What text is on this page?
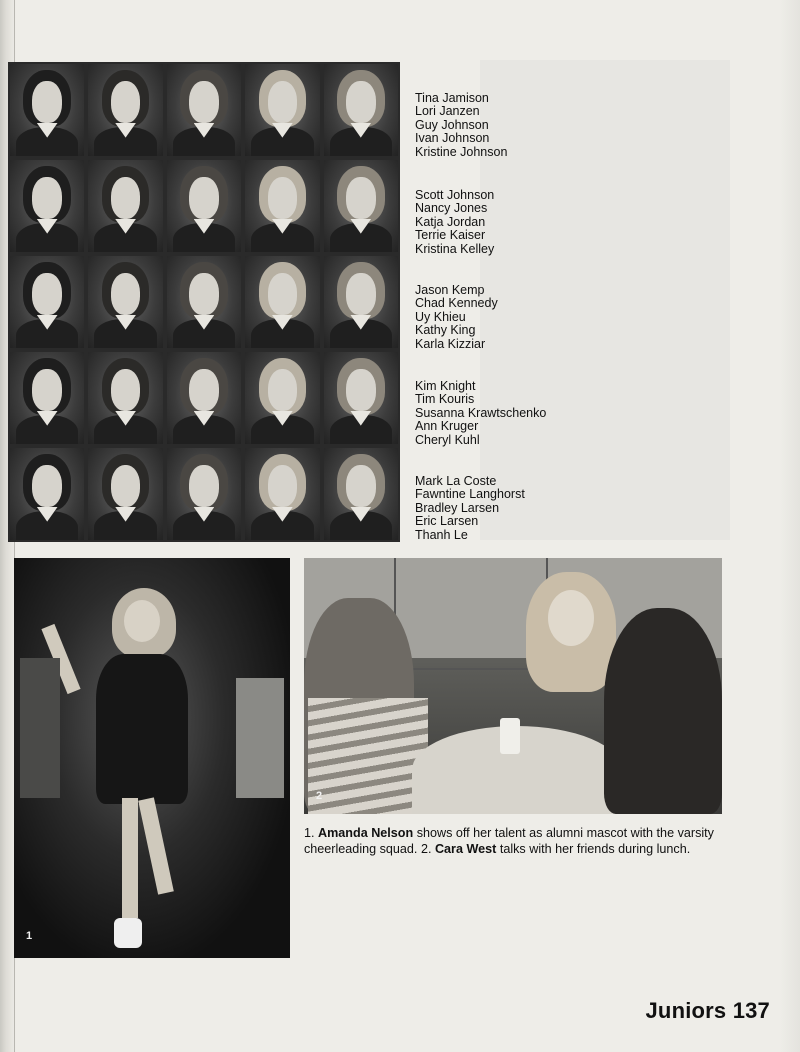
Tina Jamison
Lori Janzen
Guy Johnson
Ivan Johnson
Kristine Johnson
Scott Johnson
Nancy Jones
Katja Jordan
Terrie Kaiser
Kristina Kelley
Jason Kemp
Chad Kennedy
Uy Khieu
Kathy King
Karla Kizziar
Kim Knight
Tim Kouris
Susanna Krawtschenko
Ann Kruger
Cheryl Kuhl
Mark La Coste
Fawntine Langhorst
Bradley Larsen
Eric Larsen
Thanh Le
1
2
1. Amanda Nelson shows off her talent as alumni mascot with the varsity cheerleading squad. 2. Cara West talks with her friends during lunch.
Juniors 137
